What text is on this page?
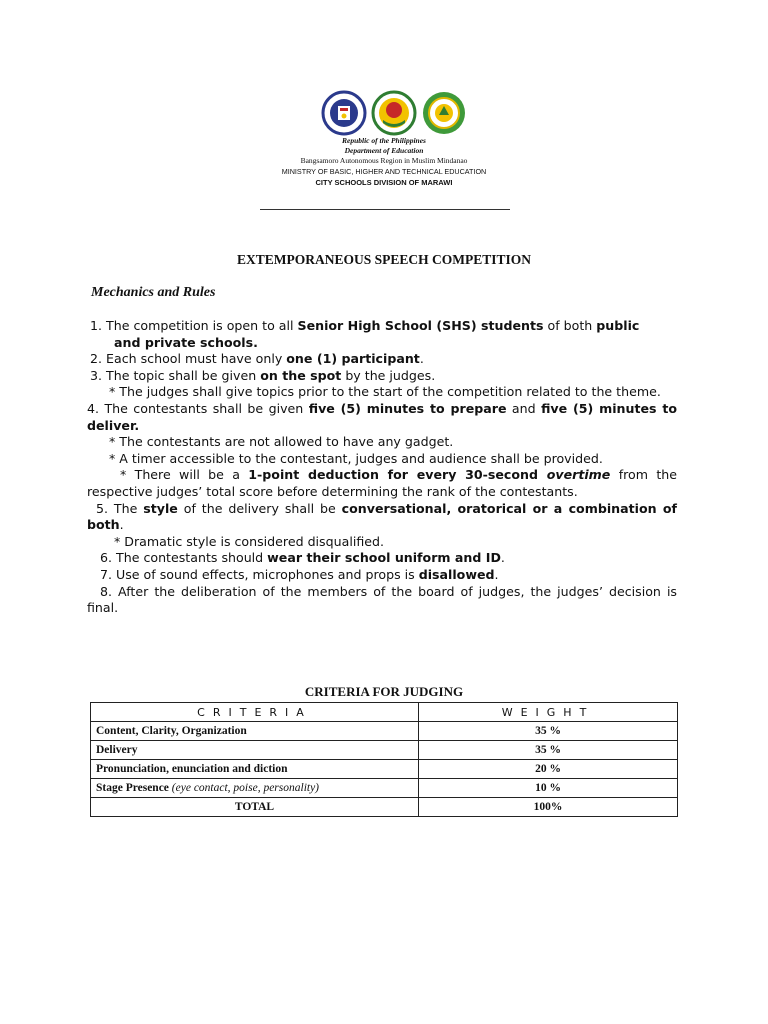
Republic of the Philippines
Department of Education
Bangsamoro Autonomous Region in Muslim Mindanao
MINISTRY OF BASIC, HIGHER AND TECHNICAL EDUCATION
CITY SCHOOLS DIVISION OF MARAWI
EXTEMPORANEOUS SPEECH COMPETITION
Mechanics and Rules

1. The competition is open to all Senior High School (SHS) students of both public

and private schools.

2. Each school must have only one (1) participant.

3. The topic shall be given on the spot by the judges.

* The judges shall give topics prior to the start of the competition related to the theme.

4. The contestants shall be given five (5) minutes to prepare and five (5) minutes to deliver.

* The contestants are not allowed to have any gadget.

* A timer accessible to the contestant, judges and audience shall be provided.

* There will be a 1-point deduction for every 30-second overtime from the respective judges’ total score before determining the rank of the contestants.

5. The style of the delivery shall be conversational, oratorical or a combination of both.

* Dramatic style is considered disqualified.

6. The contestants should wear their school uniform and ID.

7. Use of sound effects, microphones and props is disallowed.

8. After the deliberation of the members of the board of judges, the judges’ decision is final.

CRITERIA FOR JUDGING
CRITERIA	WEIGHT
Content, Clarity, Organization	35 %
Delivery	35 %
Pronunciation, enunciation and diction	20 %
Stage Presence (eye contact, poise, personality)	10 %
TOTAL	100%
